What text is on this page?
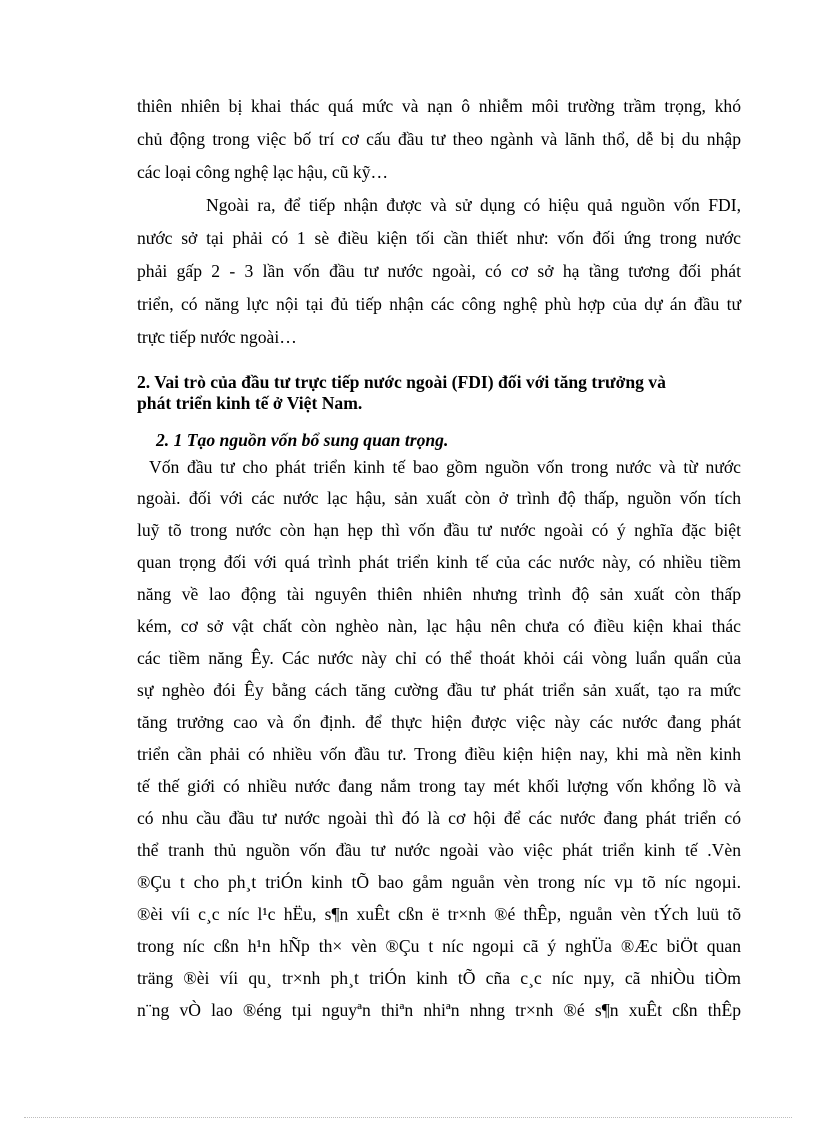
thiên nhiên bị khai thác quá mức và nạn ô nhiễm môi trường trầm trọng, khó
chủ động trong việc bố trí cơ cấu đầu tư theo ngành và lãnh thổ, dễ bị du nhập
các loại công nghệ lạc hậu, cũ kỹ…
Ngoài ra, để tiếp nhận được và sử dụng có hiệu quả nguồn vốn FDI,
nước sở tại phải có 1 sè điều kiện tối cần thiết như: vốn đối ứng trong nước
phải gấp 2 - 3 lần vốn đầu tư nước ngoài, có cơ sở hạ tầng tương đối phát
triển, có năng lực nội tại đủ tiếp nhận các công nghệ phù hợp của dự án đầu tư
trực tiếp nước ngoài…
2. Vai trò của đầu tư trực tiếp nước ngoài (FDI) đối với tăng trưởng và
phát triển kinh tế ở Việt Nam.
2. 1 Tạo nguồn vốn bổ sung quan trọng.
Vốn đầu tư cho phát triển kinh tế bao gồm nguồn vốn trong nước và từ nước
ngoài. đối với các nước lạc hậu, sản xuất còn ở trình độ thấp, nguồn vốn tích
luỹ tõ trong nước còn hạn hẹp thì vốn đầu tư nước ngoài có ý nghĩa đặc biệt
quan trọng đối với quá trình phát triển kinh tế của các nước này, có nhiều tiềm
năng về lao động tài nguyên thiên nhiên nhưng trình độ sản xuất còn thấp
kém, cơ sở vật chất còn nghèo nàn, lạc hậu nên chưa có điều kiện khai thác
các tiềm năng Êy. Các nước này chỉ có thể thoát khỏi cái vòng luẩn quẩn của
sự nghèo đói Êy bằng cách tăng cường đầu tư phát triển sản xuất, tạo ra mức
tăng trưởng cao và ổn định. để thực hiện được việc này các nước đang phát
triển cần phải có nhiều vốn đầu tư. Trong điều kiện hiện nay, khi mà nền kinh
tế thế giới có nhiều nước đang nắm trong tay mét khối lượng vốn khổng lồ và
có nhu cầu đầu tư nước ngoài thì đó là cơ hội để các nước đang phát triển có
thể tranh thủ nguồn vốn đầu tư nước ngoài vào việc phát triển kinh tế .Vèn
®Çu t cho ph¸t triÓn kinh tÕ bao gåm nguån vèn trong níc vµ tõ níc ngoµi.
®èi víi c¸c níc l¹c hËu, s¶n xuÊt cßn ë tr×nh ®é thÊp, nguån vèn tÝch luü tõ
trong níc cßn h¹n hÑp th× vèn ®Çu t níc ngoµi cã ý nghÜa ®Æc biÖt quan
träng ®èi víi qu¸ tr×nh ph¸t triÓn kinh tÕ cña c¸c níc nµy, cã nhiÒu tiÒm
n¨ng vÒ lao ®éng tµi nguyªn thiªn nhiªn nhng tr×nh ®é s¶n xuÊt cßn thÊp
